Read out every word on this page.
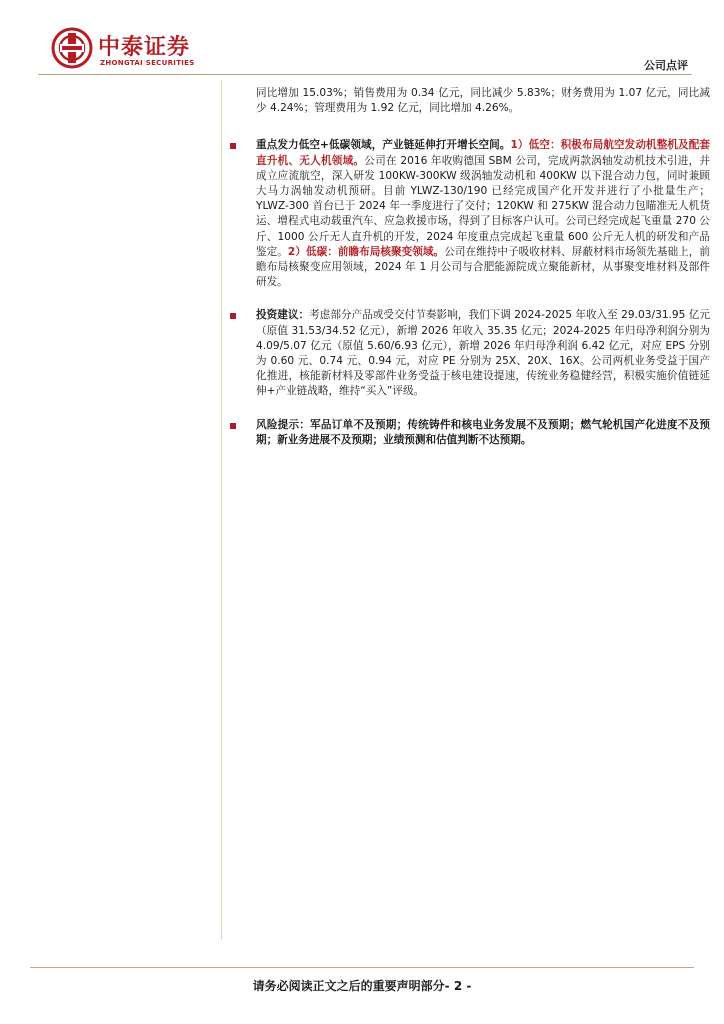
中泰证券
ZHONGTAI SECURITIES	公司点评

同比增加 15.03%；销售费用为 0.34 亿元，同比减少 5.83%；财务费用为 1.07 亿元，同比减少 4.24%；管理费用为 1.92 亿元，同比增加 4.26%。

重点发力低空+低碳领域，产业链延伸打开增长空间。1）低空：积极布局航空发动机整机及配套直升机、无人机领域。公司在 2016 年收购德国 SBM 公司，完成两款涡轴发动机技术引进，并成立应流航空，深入研发 100KW-300KW 级涡轴发动机和 400KW 以下混合动力包，同时兼顾大马力涡轴发动机预研。目前 YLWZ-130/190 已经完成国产化开发并进行了小批量生产；YLWZ-300 首台已于 2024 年一季度进行了交付；120KW 和 275KW 混合动力包瞄准无人机货运、增程式电动载重汽车、应急救援市场，得到了目标客户认可。公司已经完成起飞重量 270 公斤、1000 公斤无人直升机的开发，2024 年度重点完成起飞重量 600 公斤无人机的研发和产品鉴定。2）低碳：前瞻布局核聚变领域。公司在维持中子吸收材料、屏蔽材料市场领先基础上，前瞻布局核聚变应用领域，2024 年 1 月公司与合肥能源院成立聚能新材，从事聚变堆材料及部件研发。

投资建议：考虑部分产品或受交付节奏影响，我们下调 2024-2025 年收入至 29.03/31.95 亿元（原值 31.53/34.52 亿元），新增 2026 年收入 35.35 亿元；2024-2025 年归母净利润分别为 4.09/5.07 亿元（原值 5.60/6.93 亿元），新增 2026 年归母净利润 6.42 亿元，对应 EPS 分别为 0.60 元、0.74 元、0.94 元，对应 PE 分别为 25X、20X、16X。公司两机业务受益于国产化推进，核能新材料及零部件业务受益于核电建设提速，传统业务稳健经营，积极实施价值链延伸+产业链战略，维持“买入”评级。

风险提示：军品订单不及预期；传统铸件和核电业务发展不及预期；燃气轮机国产化进度不及预期；新业务进展不及预期；业绩预测和估值判断不达预期。

请务必阅读正文之后的重要声明部分- 2 -
